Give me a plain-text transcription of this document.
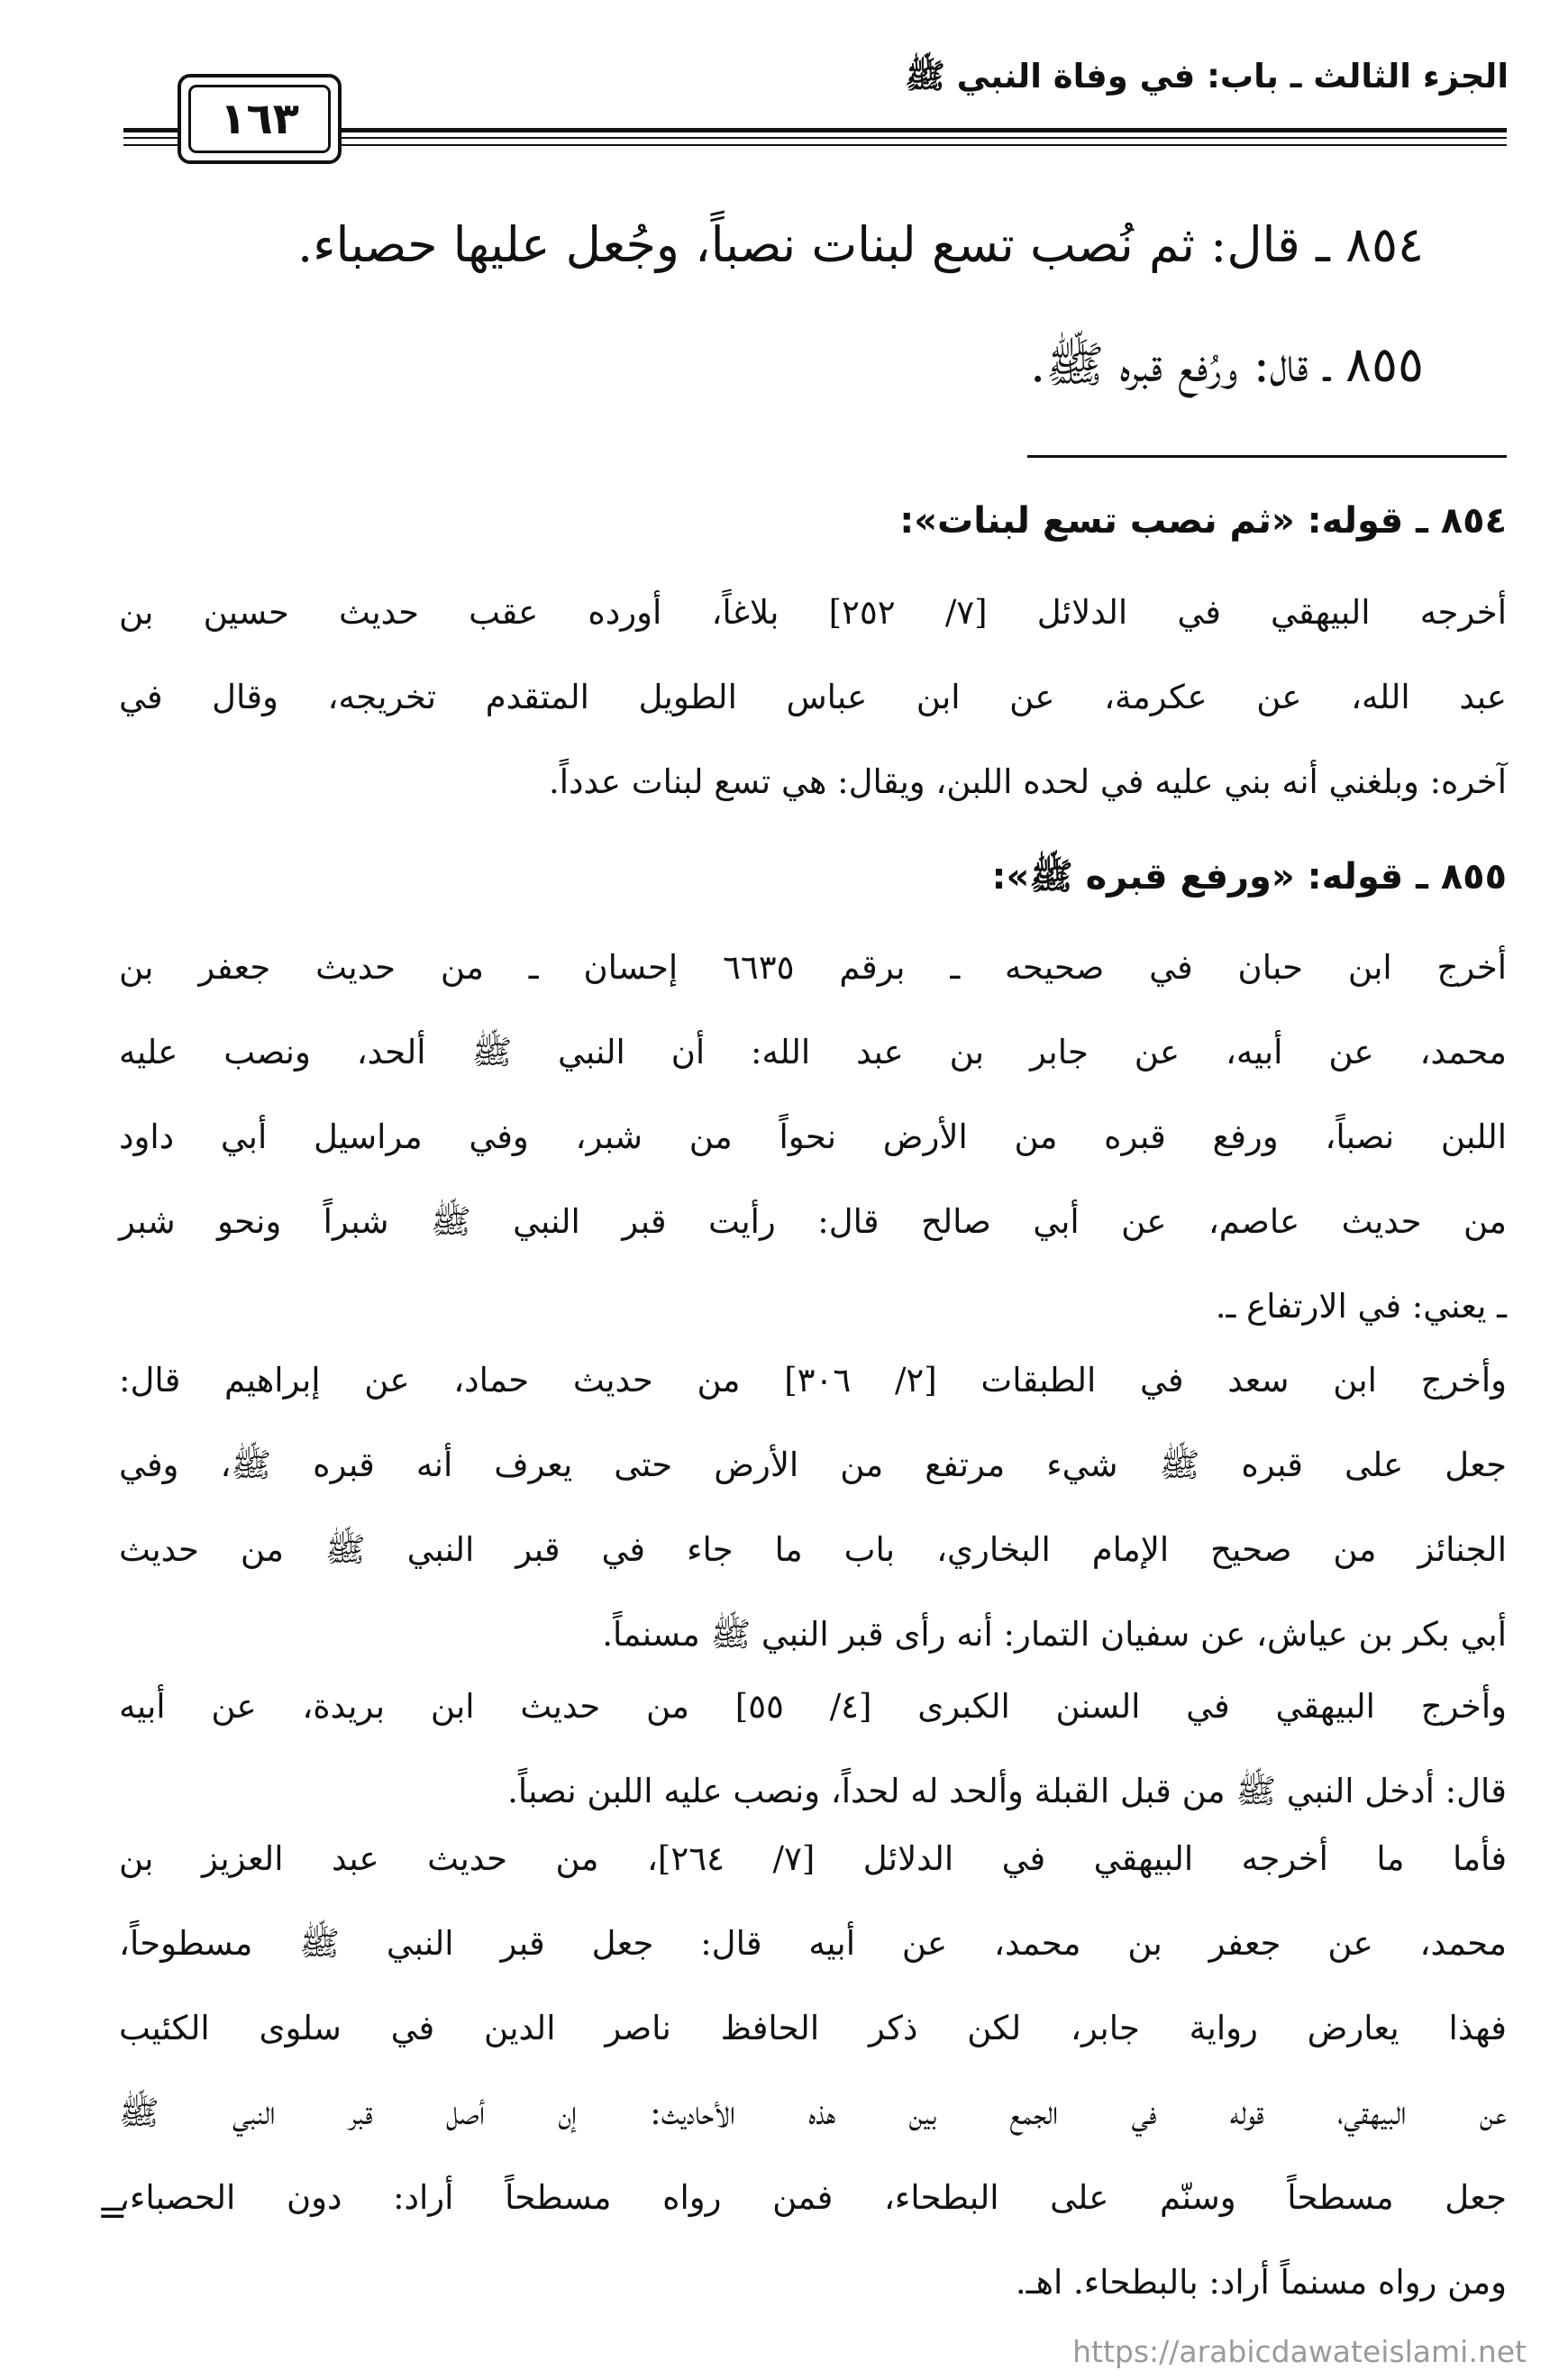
الجزء الثالث ـ باب: في وفاة النبي ﷺ
١٦٣
٨٥٤ ـ قال: ثم نُصب تسع لبنات نصباً، وجُعل عليها حصباء.
٨٥٥ ـ قال: ورُفع قبره ﷺ.
٨٥٤ ـ قوله: «ثم نصب تسع لبنات»:
أخرجه البيهقي في الدلائل [٧/ ٢٥٢] بلاغاً، أورده عقب حديث حسين بن
عبد الله، عن عكرمة، عن ابن عباس الطويل المتقدم تخريجه، وقال في
آخره: وبلغني أنه بني عليه في لحده اللبن، ويقال: هي تسع لبنات عدداً.
٨٥٥ ـ قوله: «ورفع قبره ﷺ»:
أخرج ابن حبان في صحيحه ـ برقم ٦٦٣٥ إحسان ـ من حديث جعفر بن
محمد، عن أبيه، عن جابر بن عبد الله: أن النبي ﷺ ألحد، ونصب عليه
اللبن نصباً، ورفع قبره من الأرض نحواً من شبر، وفي مراسيل أبي داود
من حديث عاصم، عن أبي صالح قال: رأيت قبر النبي ﷺ شبراً ونحو شبر
ـ يعني: في الارتفاع ـ.
وأخرج ابن سعد في الطبقات [٢/ ٣٠٦] من حديث حماد، عن إبراهيم قال:
جعل على قبره ﷺ شيء مرتفع من الأرض حتى يعرف أنه قبره ﷺ، وفي
الجنائز من صحيح الإمام البخاري، باب ما جاء في قبر النبي ﷺ من حديث
أبي بكر بن عياش، عن سفيان التمار: أنه رأى قبر النبي ﷺ مسنماً.
وأخرج البيهقي في السنن الكبرى [٤/ ٥٥] من حديث ابن بريدة، عن أبيه
قال: أدخل النبي ﷺ من قبل القبلة وألحد له لحداً، ونصب عليه اللبن نصباً.
فأما ما أخرجه البيهقي في الدلائل [٧/ ٢٦٤]، من حديث عبد العزيز بن
محمد، عن جعفر بن محمد، عن أبيه قال: جعل قبر النبي ﷺ مسطوحاً،
فهذا يعارض رواية جابر، لكن ذكر الحافظ ناصر الدين في سلوى الكئيب
عن البيهقي، قوله في الجمع بين هذه الأحاديث: إن أصل قبر النبي ﷺ
جعل مسطحاً وسنّم على البطحاء، فمن رواه مسطحاً أراد: دون الحصباء،
ومن رواه مسنماً أراد: بالبطحاء. اهـ.
=
https://arabicdawateislami.net
